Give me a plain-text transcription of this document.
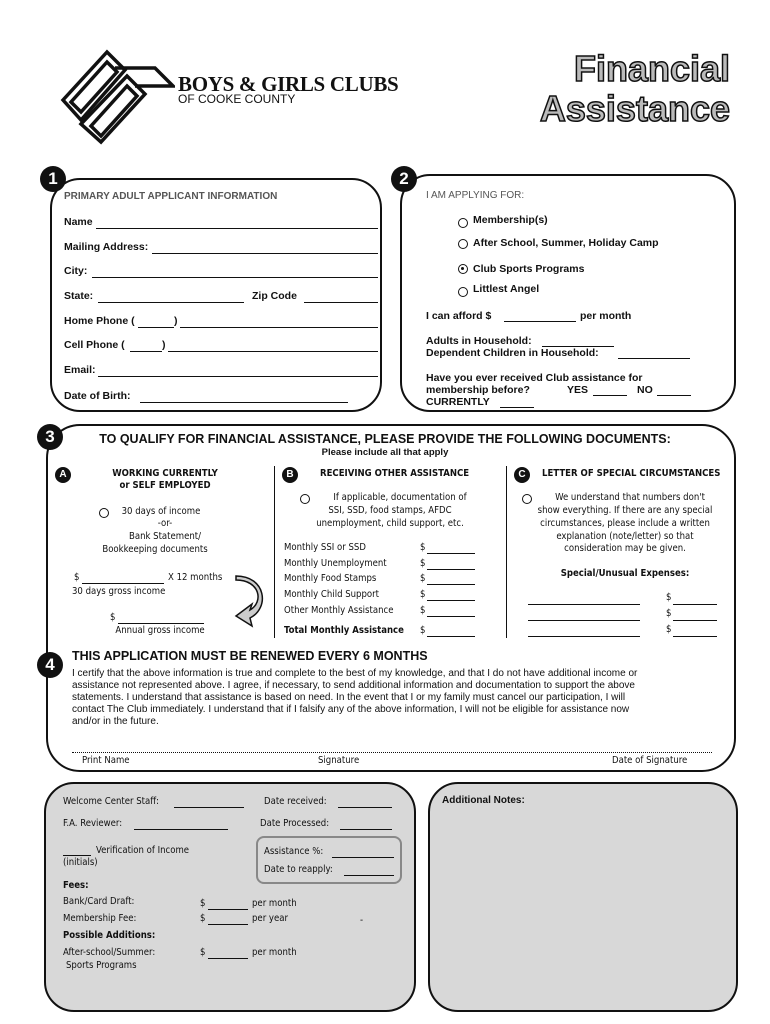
BOYS & GIRLS CLUBS
OF COOKE COUNTY
Financial
Assistance
1
PRIMARY ADULT APPLICANT INFORMATION
Name
Mailing Address:
City:
State:	Zip Code
Home Phone (	)
Cell Phone (	)
Email:
Date of Birth:
2
I AM APPLYING FOR:
Membership(s)
After School, Summer, Holiday Camp
Club Sports Programs
Littlest Angel
I can afford $	per month
Adults in Household:
Dependent Children in Household:
Have you ever received Club assistance for
membership before?	YES	NO
CURRENTLY
3	TO QUALIFY FOR FINANCIAL ASSISTANCE, PLEASE PROVIDE THE FOLLOWING DOCUMENTS:
Please include all that apply
A	WORKING CURRENTLY
or SELF EMPLOYED
30 days of income
-or-
Bank Statement/
Bookkeeping documents
$	X 12 months
30 days gross income
$
Annual gross income
B	RECEIVING OTHER ASSISTANCE
If applicable, documentation of
SSI, SSD, food stamps, AFDC
unemployment, child support, etc.
Monthly SSI or SSD	$
Monthly Unemployment	$
Monthly Food Stamps	$
Monthly Child Support	$
Other Monthly Assistance	$
Total Monthly Assistance $
C	LETTER OF SPECIAL CIRCUMSTANCES
We understand that numbers don't
show everything. If there are any special
circumstances, please include a written
explanation (note/letter) so that
consideration may be given.
Special/Unusual Expenses:
$
$
$
4	THIS APPLICATION MUST BE RENEWED EVERY 6 MONTHS
I certify that the above information is true and complete to the best of my knowledge, and that I do not have additional income or
assistance not represented above. I agree, if necessary, to send additional information and documentation to support the above
statements. I understand that assistance is based on need. In the event that I or my family must cancel our participation, I will
contact The Club immediately. I understand that if I falsify any of the above information, I will not be eligible for assistance now
and/or in the future.
Print Name	Signature	Date of Signature
Welcome Center Staff:	Date received:
F.A. Reviewer:	Date Processed:
Verification of Income
(initials)
Assistance %:
Date to reapply:
Fees:
Bank/Card Draft:	$	per month
Membership Fee:	$	per year	-
Possible Additions:
After-school/Summer:	$	per month
Sports Programs
Additional Notes:
